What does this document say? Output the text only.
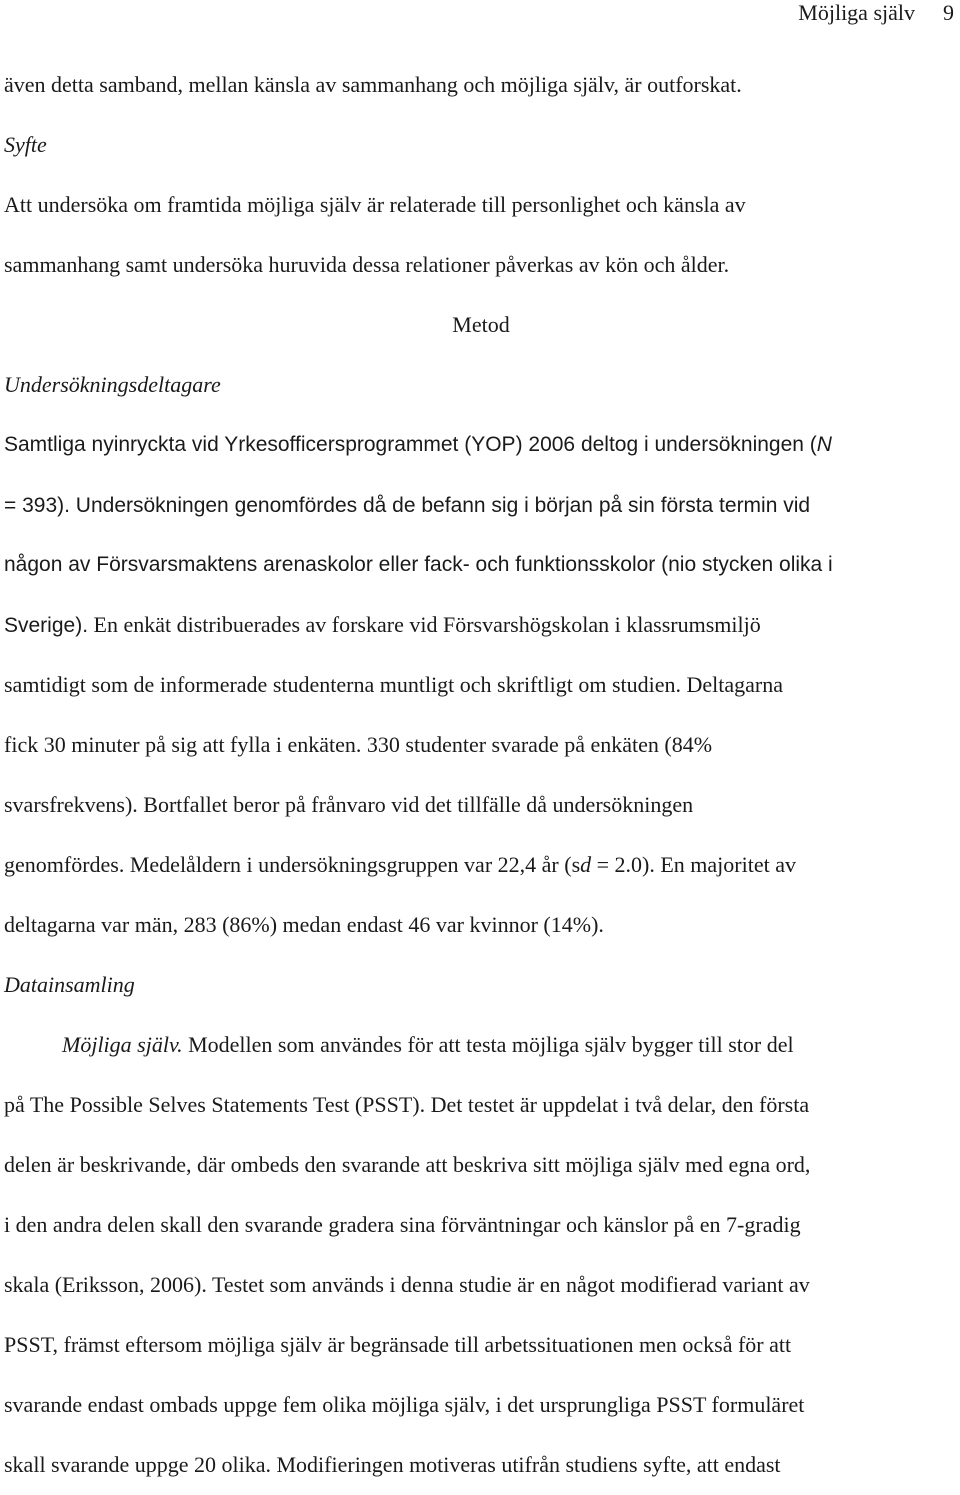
Möjliga själv 9
även detta samband, mellan känsla av sammanhang och möjliga själv, är outforskat.
Syfte
Att undersöka om framtida möjliga själv är relaterade till personlighet och känsla av
sammanhang samt undersöka huruvida dessa relationer påverkas av kön och ålder.
Metod
Undersökningsdeltagare
Samtliga nyinryckta vid Yrkesofficersprogrammet (YOP) 2006 deltog i undersökningen (N
= 393). Undersökningen genomfördes då de befann sig i början på sin första termin vid
någon av Försvarsmaktens arenaskolor eller fack- och funktionsskolor (nio stycken olika i
Sverige). En enkät distribuerades av forskare vid Försvarshögskolan i klassrumsmiljö
samtidigt som de informerade studenterna muntligt och skriftligt om studien. Deltagarna
fick 30 minuter på sig att fylla i enkäten. 330 studenter svarade på enkäten (84%
svarsfrekvens). Bortfallet beror på frånvaro vid det tillfälle då undersökningen
genomfördes. Medelåldern i undersökningsgruppen var 22,4 år (sd = 2.0). En majoritet av
deltagarna var män, 283 (86%) medan endast 46 var kvinnor (14%).
Datainsamling
Möjliga själv. Modellen som användes för att testa möjliga själv bygger till stor del
på The Possible Selves Statements Test (PSST). Det testet är uppdelat i två delar, den första
delen är beskrivande, där ombeds den svarande att beskriva sitt möjliga själv med egna ord,
i den andra delen skall den svarande gradera sina förväntningar och känslor på en 7-gradig
skala (Eriksson, 2006). Testet som används i denna studie är en något modifierad variant av
PSST, främst eftersom möjliga själv är begränsade till arbetssituationen men också för att
svarande endast ombads uppge fem olika möjliga själv, i det ursprungliga PSST formuläret
skall svarande uppge 20 olika. Modifieringen motiveras utifrån studiens syfte, att endast
